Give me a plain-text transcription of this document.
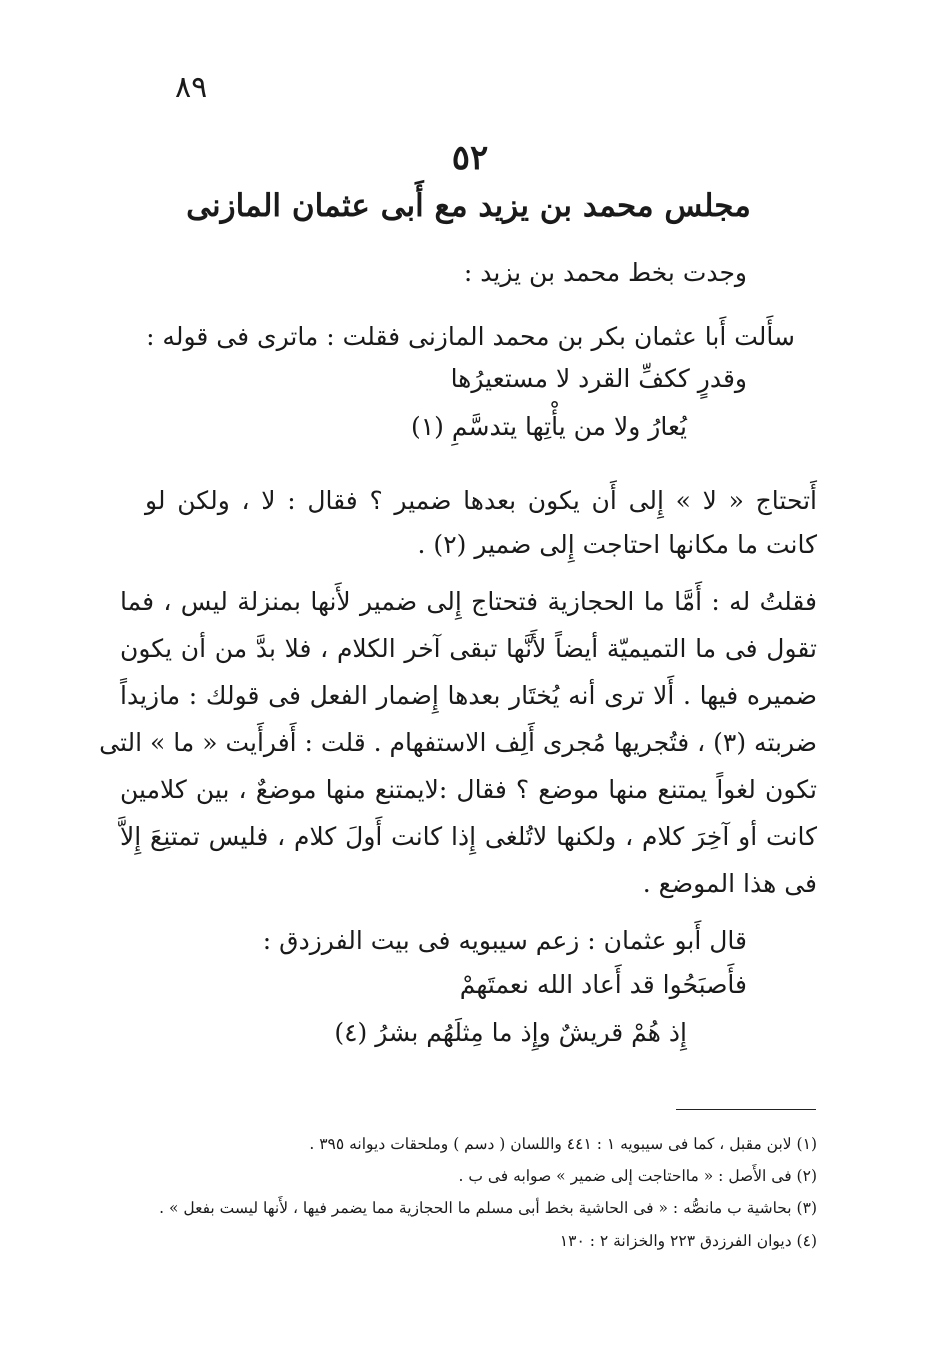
٨٩
٥٢
مجلس محمد بن يزيد مع أَبى عثمان المازنى
وجدت بخط محمد بن يزيد :
سأَلت أَبا عثمان بكر بن محمد المازنى فقلت : ماترى فى قوله :
وقدرٍ ككفِّ القرد لا مستعيرُها
يُعارُ ولا من يأْتِها يتدسَّمِ (١)
أَتحتاج « لا » إِلى أَن يكون بعدها ضمير ؟ فقال : لا ، ولكن لو
كانت ما مكانها احتاجت إِلى ضمير (٢) .
فقلتُ له : أَمَّا ما الحجازية فتحتاج إِلى ضمير لأَنها بمنزلة ليس ، فما
تقول فى ما التميميّة أيضاً لأَنَّها تبقى آخر الكلام ، فلا بدَّ من أن يكون
ضميره فيها . أَلا ترى أنه يُختَار بعدها إِضمار الفعل فى قولك : مازيداً
ضربته (٣) ، فتُجريها مُجرى أَلِف الاستفهام . قلت : أَفرأَيت « ما » التى
تكون لغواً يمتنع منها موضع ؟ فقال :لايمتنع منها موضعٌ ، بين كلامين
كانت أو آخِرَ كلام ، ولكنها لاتُلغى إِذا كانت أَولَ كلام ، فليس تمتنِعَ إِلاَّ
فى هذا الموضع .
قال أَبو عثمان : زعم سيبويه فى بيت الفرزدق :
فأَصبَحُوا قد أَعاد الله نعمتَهمْ
إِذ هُمْ قريشٌ وإِذ ما مِثلَهُم بشرُ (٤)
(١) لابن مقبل ، كما فى سيبويه ١ : ٤٤١ واللسان ( دسم ) وملحقات ديوانه ٣٩٥ .
(٢) فى الأَصل : « مااحتاجت إلى ضمير » صوابه فى ب .
(٣) بحاشية ب مانصُّه : « فى الحاشية بخط أبى مسلم ما الحجازية مما يضمر فيها ، لأَنها ليست بفعل » .
(٤) ديوان الفرزدق ٢٢٣ والخزانة ٢ : ١٣٠
